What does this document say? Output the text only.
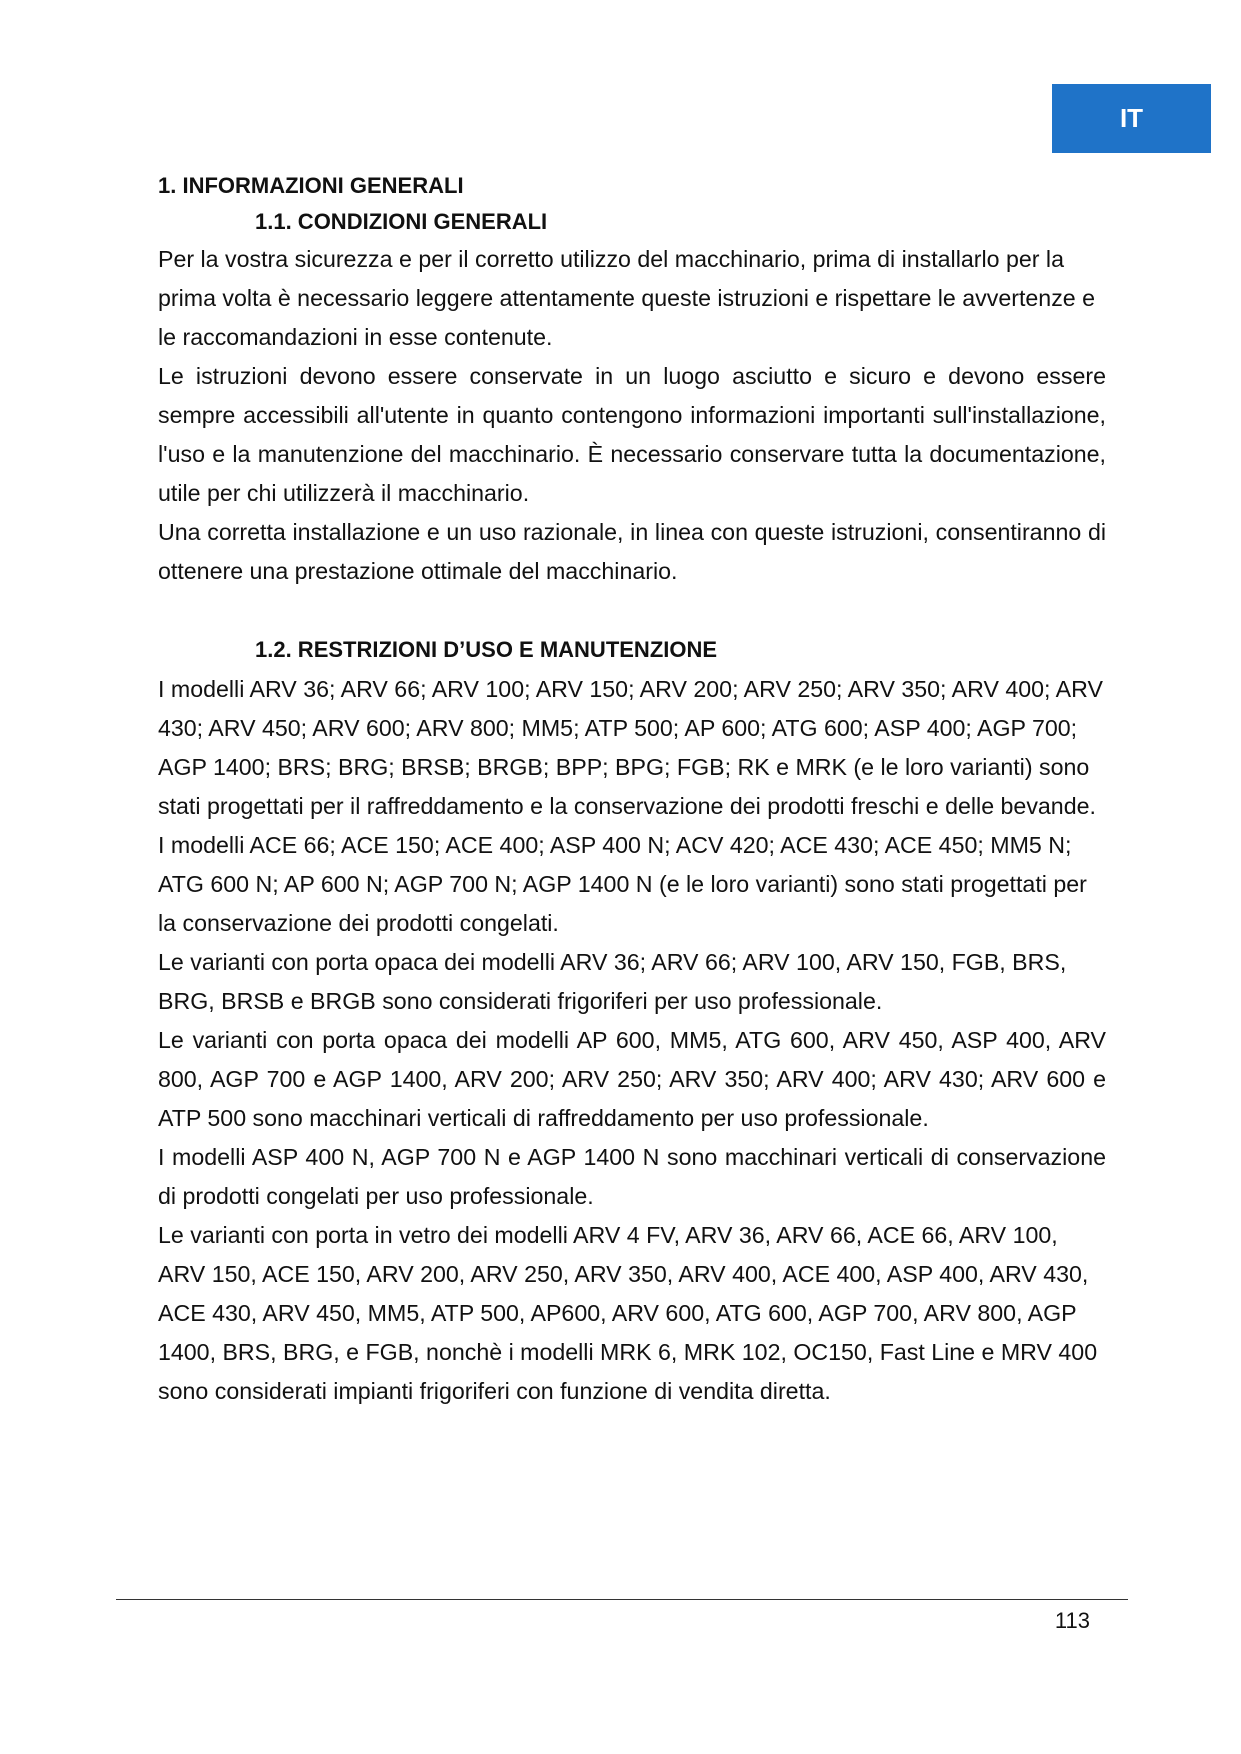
IT

1. INFORMAZIONI GENERALI

1.1. CONDIZIONI GENERALI

Per la vostra sicurezza e per il corretto utilizzo del macchinario, prima di installarlo per la prima volta è necessario leggere attentamente queste istruzioni e rispettare le avvertenze e le raccomandazioni in esse contenute.

Le istruzioni devono essere conservate in un luogo asciutto e sicuro e devono essere sempre accessibili all'utente in quanto contengono informazioni importanti sull'installazione, l'uso e la manutenzione del macchinario. È necessario conservare tutta la documentazione, utile per chi utilizzerà il macchinario.

Una corretta installazione e un uso razionale, in linea con queste istruzioni, consentiranno di ottenere una prestazione ottimale del macchinario.

1.2. RESTRIZIONI D’USO E MANUTENZIONE

I modelli ARV 36; ARV 66; ARV 100; ARV 150; ARV 200; ARV 250; ARV 350; ARV 400; ARV 430; ARV 450; ARV 600; ARV 800; MM5; ATP 500; AP 600; ATG 600; ASP 400; AGP 700; AGP 1400; BRS; BRG; BRSB; BRGB; BPP; BPG; FGB; RK e MRK (e le loro varianti) sono stati progettati per il raffreddamento e la conservazione dei prodotti freschi e delle bevande.

I modelli ACE 66; ACE 150; ACE 400; ASP 400 N; ACV 420; ACE 430; ACE 450; MM5 N; ATG 600 N; AP 600 N; AGP 700 N; AGP 1400 N (e le loro varianti) sono stati progettati per la conservazione dei prodotti congelati.

Le varianti con porta opaca dei modelli ARV 36; ARV 66; ARV 100, ARV 150, FGB, BRS, BRG, BRSB e BRGB sono considerati frigoriferi per uso professionale.

Le varianti con porta opaca dei modelli AP 600, MM5, ATG 600, ARV 450, ASP 400, ARV 800, AGP 700 e AGP 1400, ARV 200; ARV 250; ARV 350; ARV 400; ARV 430; ARV 600 e ATP 500 sono macchinari verticali di raffreddamento per uso professionale.

I modelli ASP 400 N, AGP 700 N e AGP 1400 N sono macchinari verticali di conservazione di prodotti congelati per uso professionale.

Le varianti con porta in vetro dei modelli ARV 4 FV, ARV 36, ARV 66, ACE 66, ARV 100, ARV 150, ACE 150, ARV 200, ARV 250, ARV 350, ARV 400, ACE 400, ASP 400, ARV 430, ACE 430, ARV 450, MM5, ATP 500, AP600, ARV 600, ATG 600, AGP 700, ARV 800, AGP 1400, BRS, BRG, e FGB, nonchè i modelli MRK 6, MRK 102, OC150, Fast Line e MRV 400 sono considerati impianti frigoriferi con funzione di vendita diretta.

113
